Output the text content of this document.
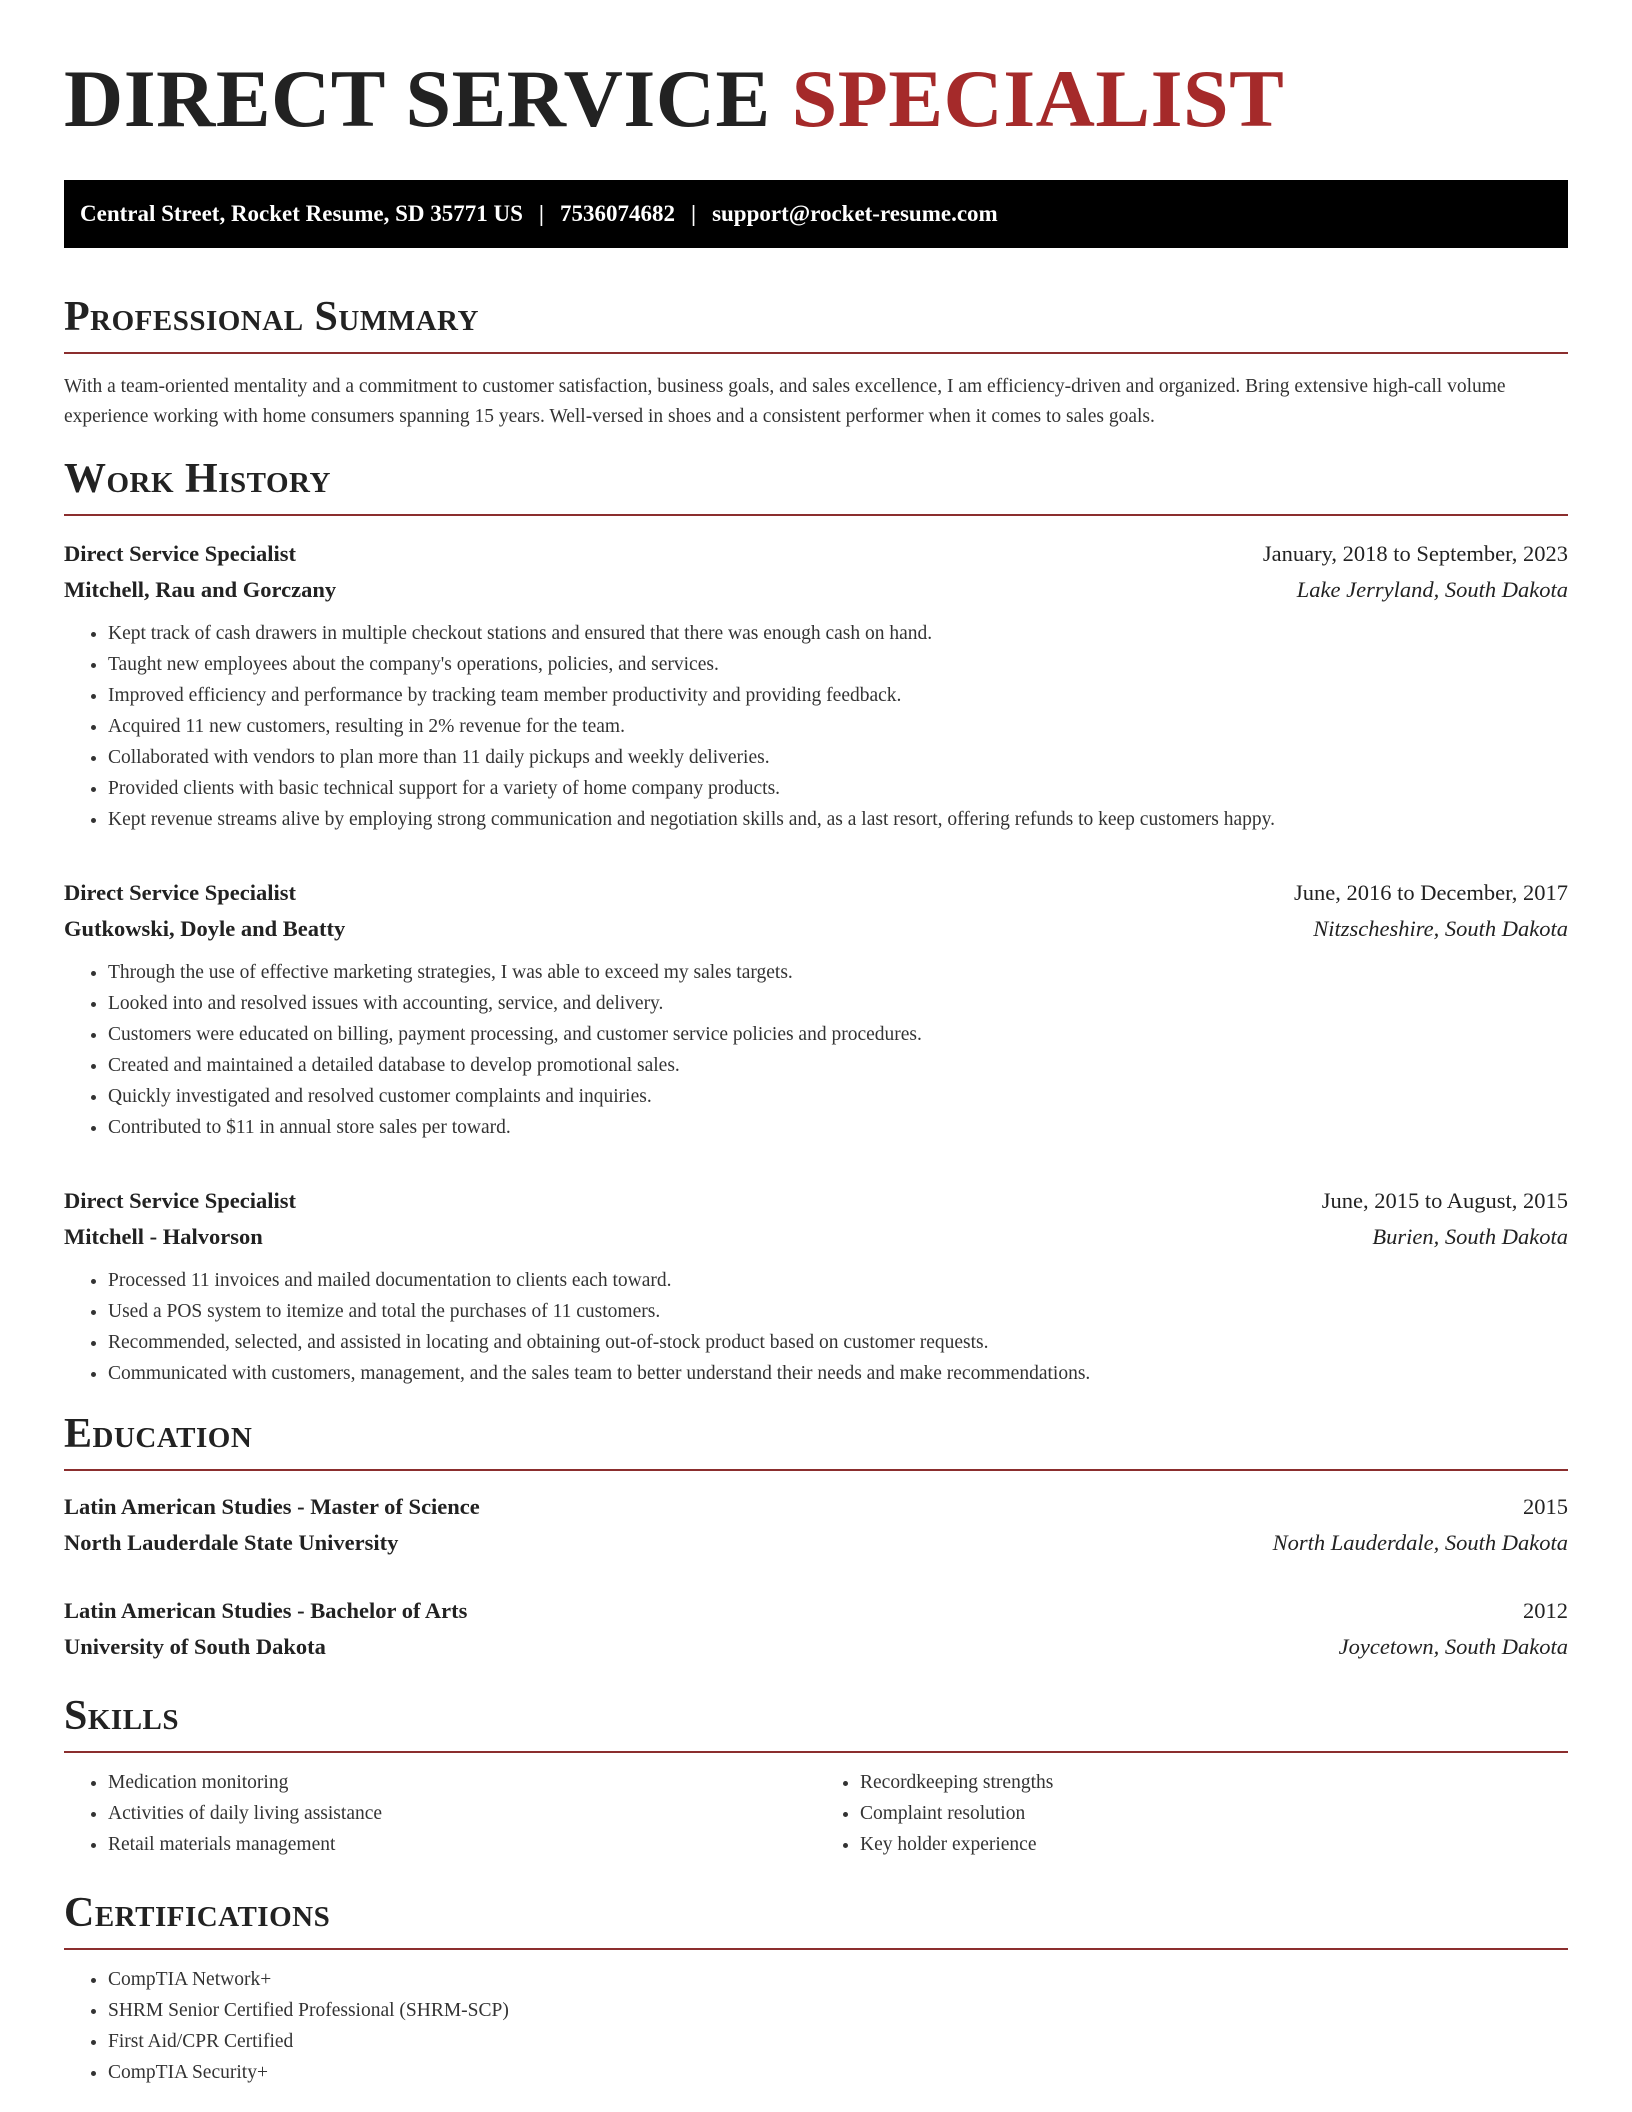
DIRECT SERVICE SPECIALIST
Central Street, Rocket Resume, SD 35771 US | 7536074682 | support@rocket-resume.com
Professional Summary

With a team-oriented mentality and a commitment to customer satisfaction, business goals, and sales excellence, I am efficiency-driven and organized. Bring extensive high-call volume experience working with home consumers spanning 15 years. Well-versed in shoes and a consistent performer when it comes to sales goals.

Work History
Direct Service Specialist	January, 2018 to September, 2023
Mitchell, Rau and Gorczany	Lake Jerryland, South Dakota
• Kept track of cash drawers in multiple checkout stations and ensured that there was enough cash on hand.
• Taught new employees about the company's operations, policies, and services.
• Improved efficiency and performance by tracking team member productivity and providing feedback.
• Acquired 11 new customers, resulting in 2% revenue for the team.
• Collaborated with vendors to plan more than 11 daily pickups and weekly deliveries.
• Provided clients with basic technical support for a variety of home company products.
• Kept revenue streams alive by employing strong communication and negotiation skills and, as a last resort, offering refunds to keep customers happy.
Direct Service Specialist	June, 2016 to December, 2017
Gutkowski, Doyle and Beatty	Nitzscheshire, South Dakota
• Through the use of effective marketing strategies, I was able to exceed my sales targets.
• Looked into and resolved issues with accounting, service, and delivery.
• Customers were educated on billing, payment processing, and customer service policies and procedures.
• Created and maintained a detailed database to develop promotional sales.
• Quickly investigated and resolved customer complaints and inquiries.
• Contributed to $11 in annual store sales per toward.
Direct Service Specialist	June, 2015 to August, 2015
Mitchell - Halvorson	Burien, South Dakota
• Processed 11 invoices and mailed documentation to clients each toward.
• Used a POS system to itemize and total the purchases of 11 customers.
• Recommended, selected, and assisted in locating and obtaining out-of-stock product based on customer requests.
• Communicated with customers, management, and the sales team to better understand their needs and make recommendations.
Education
Latin American Studies - Master of Science	2015
North Lauderdale State University	North Lauderdale, South Dakota
Latin American Studies - Bachelor of Arts	2012
University of South Dakota	Joycetown, South Dakota
Skills
• Medication monitoring
• Activities of daily living assistance
• Retail materials management
• Recordkeeping strengths
• Complaint resolution
• Key holder experience
Certifications
• CompTIA Network+
• SHRM Senior Certified Professional (SHRM-SCP)
• First Aid/CPR Certified
• CompTIA Security+
